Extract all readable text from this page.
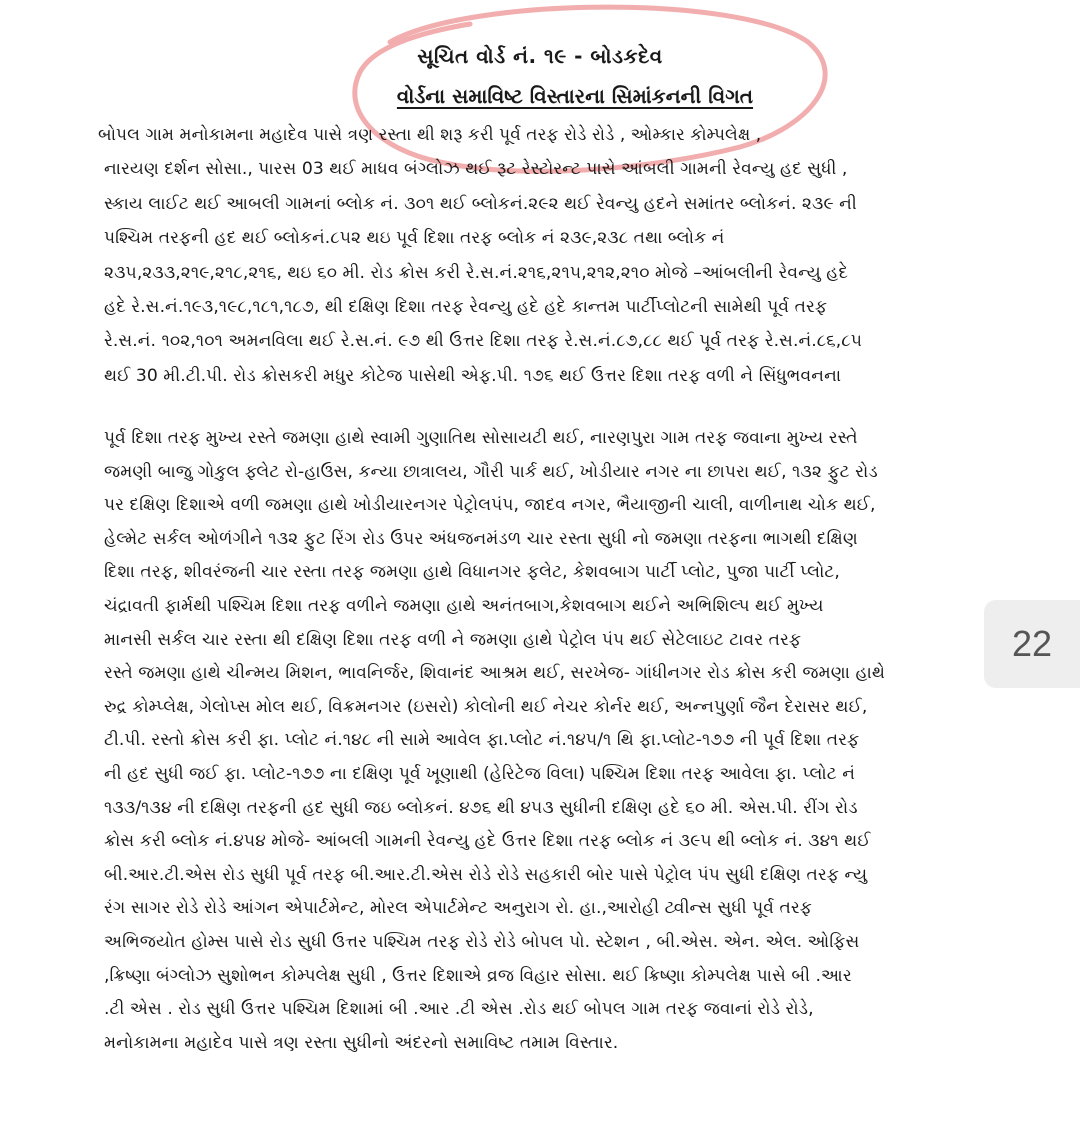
સૂચિત વોર્ડ નં. ૧૯ - બોડકદેવ
વોર્ડના સમાવિષ્ટ વિસ્તારના સિમાંકનની વિગત
બોપલ ગામ મનોકામના મહાદેવ પાસે ત્રણ રસ્તા થી શરૂ કરી પૂર્વ તરફ રોડે રોડે , ઓમ્કાર કોમ્પલેક્ષ ,
નારયણ દર્શન સોસા., પારસ 03 થઈ માધવ બંગ્લોઝ થઈ રૂટ રેસ્ટોરન્ટ પાસે આંબલી ગામની રેવન્યુ હદ સુધી ,
સ્કાય લાઈટ થઈ આબલી ગામનાં બ્લોક નં. ૩૦૧ થઈ બ્લોકનં.૨૯૨ થઈ રેવન્યુ હદને સમાંતર બ્લોકનં. ૨૩૯ ની
પશ્ચિમ તરફની હદ થઈ બ્લોકનં.૮૫૨ થઇ પૂર્વ દિશા તરફ બ્લોક નં ૨૩૯,૨૩૮ તથા બ્લોક નં
૨૩૫,૨૩૩,૨૧૯,૨૧૮,૨૧૬, થઇ ૬૦ મી. રોડ ક્રોસ કરી રે.સ.નં.૨૧૬,૨૧૫,૨૧૨,૨૧૦ મોજે –આંબલીની રેવન્યુ હદે
હદે રે.સ.નં.૧૯૩,૧૯૮,૧૮૧,૧૮૭, થી દક્ષિણ દિશા તરફ રેવન્યુ હદે હદે કાન્તમ પાર્ટીપ્લોટની સામેથી પૂર્વ તરફ
રે.સ.નં. ૧૦૨,૧૦૧ અમનવિલા થઈ રે.સ.નં. ૯૭ થી ઉત્તર દિશા તરફ રે.સ.નં.૮૭,૮૮ થઈ પૂર્વ તરફ રે.સ.નં.૮૬,૮૫
થઈ 30 મી.ટી.પી. રોડ ક્રોસકરી મધુર કોટેજ પાસેથી એફ.પી. ૧૭૬ થઈ ઉત્તર દિશા તરફ વળી ને સિંધુભવનના
પૂર્વ દિશા તરફ મુખ્ય રસ્તે જમણા હાથે સ્વામી ગુણાતિથ સોસાયટી થઈ, નારણપુરા ગામ તરફ જવાના મુખ્ય રસ્તે
જમણી બાજુ ગોકુલ ફ્લેટ રો-હાઉસ, કન્યા છાત્રાલય, ગૌરી પાર્ક થઈ, ખોડીયાર નગર ના છાપરા થઈ, ૧૩૨ ફુટ રોડ
પર દક્ષિણ દિશાએ વળી જમણા હાથે ખોડીયારનગર પેટ્રોલપંપ, જાદવ નગર, ભૈયાજીની ચાલી, વાળીનાથ ચોક થઈ,
હેલ્મેટ સર્કલ ઓળંગીને ૧૩૨ ફુટ રિંગ રોડ ઉપર અંધજનમંડળ ચાર રસ્તા સુધી નો જમણા તરફના ભાગથી દક્ષિણ
દિશા તરફ, શીવરંજની ચાર રસ્તા તરફ જમણા હાથે વિધાનગર ફલેટ, કેશવબાગ પાર્ટી પ્લોટ, પુજા પાર્ટી પ્લોટ,
ચંદ્રાવતી ફાર્મથી પશ્ચિમ દિશા તરફ વળીને જમણા હાથે અનંતબાગ,કેશવબાગ થઈને અભિશિલ્પ થઈ મુખ્ય
માનસી સર્કલ ચાર રસ્તા થી દક્ષિણ દિશા તરફ વળી ને જમણા હાથે પેટ્રોલ પંપ થઈ સેટેલાઇટ ટાવર તરફ
રસ્તે જમણા હાથે ચીન્મય મિશન, ભાવનિર્જર, શિવાનંદ આશ્રમ થઈ, સરખેજ- ગાંધીનગર રોડ ક્રોસ કરી જમણા હાથે
રુદ્ર કોમ્પ્લેક્ષ, ગેલોપ્સ મોલ થઈ, વિક્રમનગર (ઇસરો) કોલોની થઈ નેચર કોર્નર થઈ, અન્નપુર્ણા જૈન દેરાસર થઈ,
ટી.પી. રસ્તો ક્રોસ કરી ફા. પ્લોટ નં.૧૪૮ ની સામે આવેલ ફા.પ્લોટ નં.૧૪૫/૧ થિ ફા.પ્લોટ-૧૭૭ ની પૂર્વ દિશા તરફ
ની હદ સુધી જઈ ફા. પ્લોટ-૧૭૭ ના દક્ષિણ પૂર્વ ખૂણાથી (હેરિટેજ વિલા) પશ્ચિમ દિશા તરફ આવેલા ફા. પ્લોટ નં
૧૩૩/૧૩૪ ની દક્ષિણ તરફની હદ સુધી જઇ બ્લોકનં. ૪૭૬ થી ૪૫૩ સુધીની દક્ષિણ હદે ૬૦ મી. એસ.પી. રીંગ રોડ
ક્રોસ કરી બ્લોક નં.૪૫૪ મોજે- આંબલી ગામની રેવન્યુ હદે ઉત્તર દિશા તરફ બ્લોક નં ૩૯૫ થી બ્લોક નં. ૩૪૧ થઈ
બી.આર.ટી.એસ રોડ સુધી પૂર્વ તરફ બી.આર.ટી.એસ રોડે રોડે સહકારી બોર પાસે પેટ્રોલ પંપ સુધી દક્ષિણ તરફ ન્યુ
રંગ સાગર રોડે રોડે આંગન એપાર્ટમેન્ટ, મોરલ એપાર્ટમેન્ટ અનુરાગ રો. હા.,આરોહી ટ્વીન્સ સુધી પૂર્વ તરફ
અભિજયોત હોમ્સ પાસે રોડ સુધી ઉત્તર પશ્ચિમ તરફ રોડે રોડે બોપલ પો. સ્ટેશન , બી.એસ. એન. એલ. ઓફિસ
,ક્રિષ્ણા બંગ્લોઝ સુશોભન કોમ્પલેક્ષ સુધી , ઉત્તર દિશાએ વ્રજ વિહાર સોસા. થઈ ક્રિષ્ણા કોમ્પલેક્ષ પાસે બી .આર
.ટી એસ . રોડ સુધી ઉત્તર પશ્ચિમ દિશામાં બી .આર .ટી એસ .રોડ થઈ બોપલ ગામ તરફ જવાનાં રોડે રોડે,
મનોકામના મહાદેવ પાસે ત્રણ રસ્તા સુધીનો અંદરનો સમાવિષ્ટ તમામ વિસ્તાર.
22
